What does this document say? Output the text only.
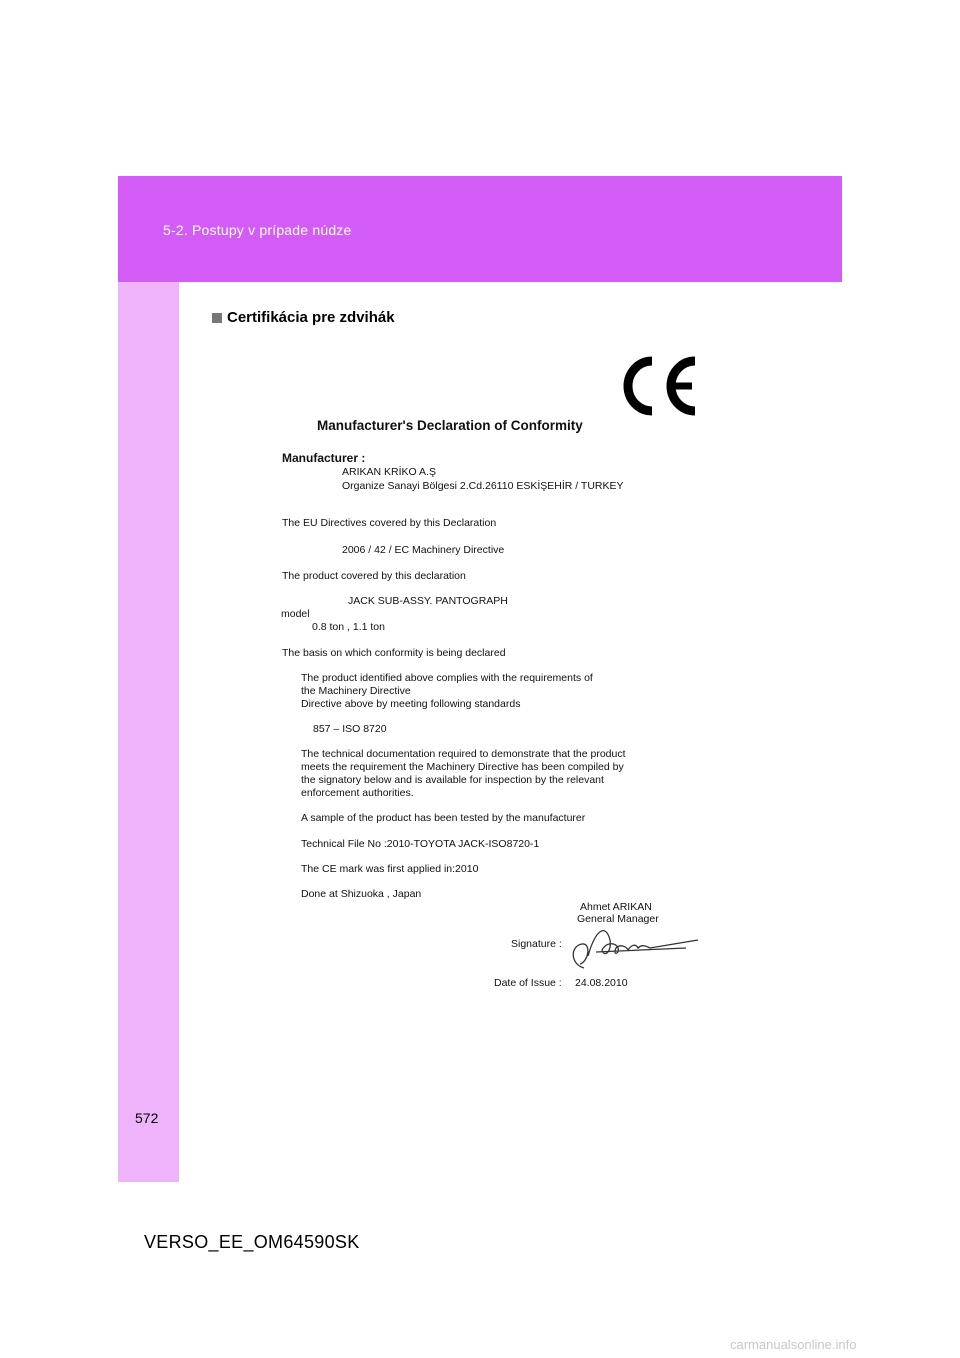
5-2. Postupy v prípade núdze
572
Certifikácia pre zdvihák
Manufacturer's Declaration of Conformity
Manufacturer :
ARIKAN KRİKO A.Ş
Organize Sanayi Bölgesi 2.Cd.26110 ESKİŞEHİR / TURKEY
The EU Directives covered by this Declaration
2006 / 42 / EC Machinery Directive
The product covered by this declaration
JACK SUB-ASSY. PANTOGRAPH
model
0.8 ton , 1.1 ton
The basis on which conformity is being declared
The product identified above complies with the requirements of
the Machinery Directive
Directive above by meeting following standards
857 – ISO 8720
The technical documentation required to demonstrate that the product
meets the requirement the Machinery Directive has been compiled by
the signatory below and is available for inspection by the relevant
enforcement authorities.
A sample of the product has been tested by the manufacturer
Technical File No :2010-TOYOTA JACK-ISO8720-1
The CE mark was first applied in:2010
Done at Shizuoka , Japan
Ahmet ARIKAN
General Manager
Signature :
Date of Issue : 24.08.2010
VERSO_EE_OM64590SK
carmanualsonline.info
